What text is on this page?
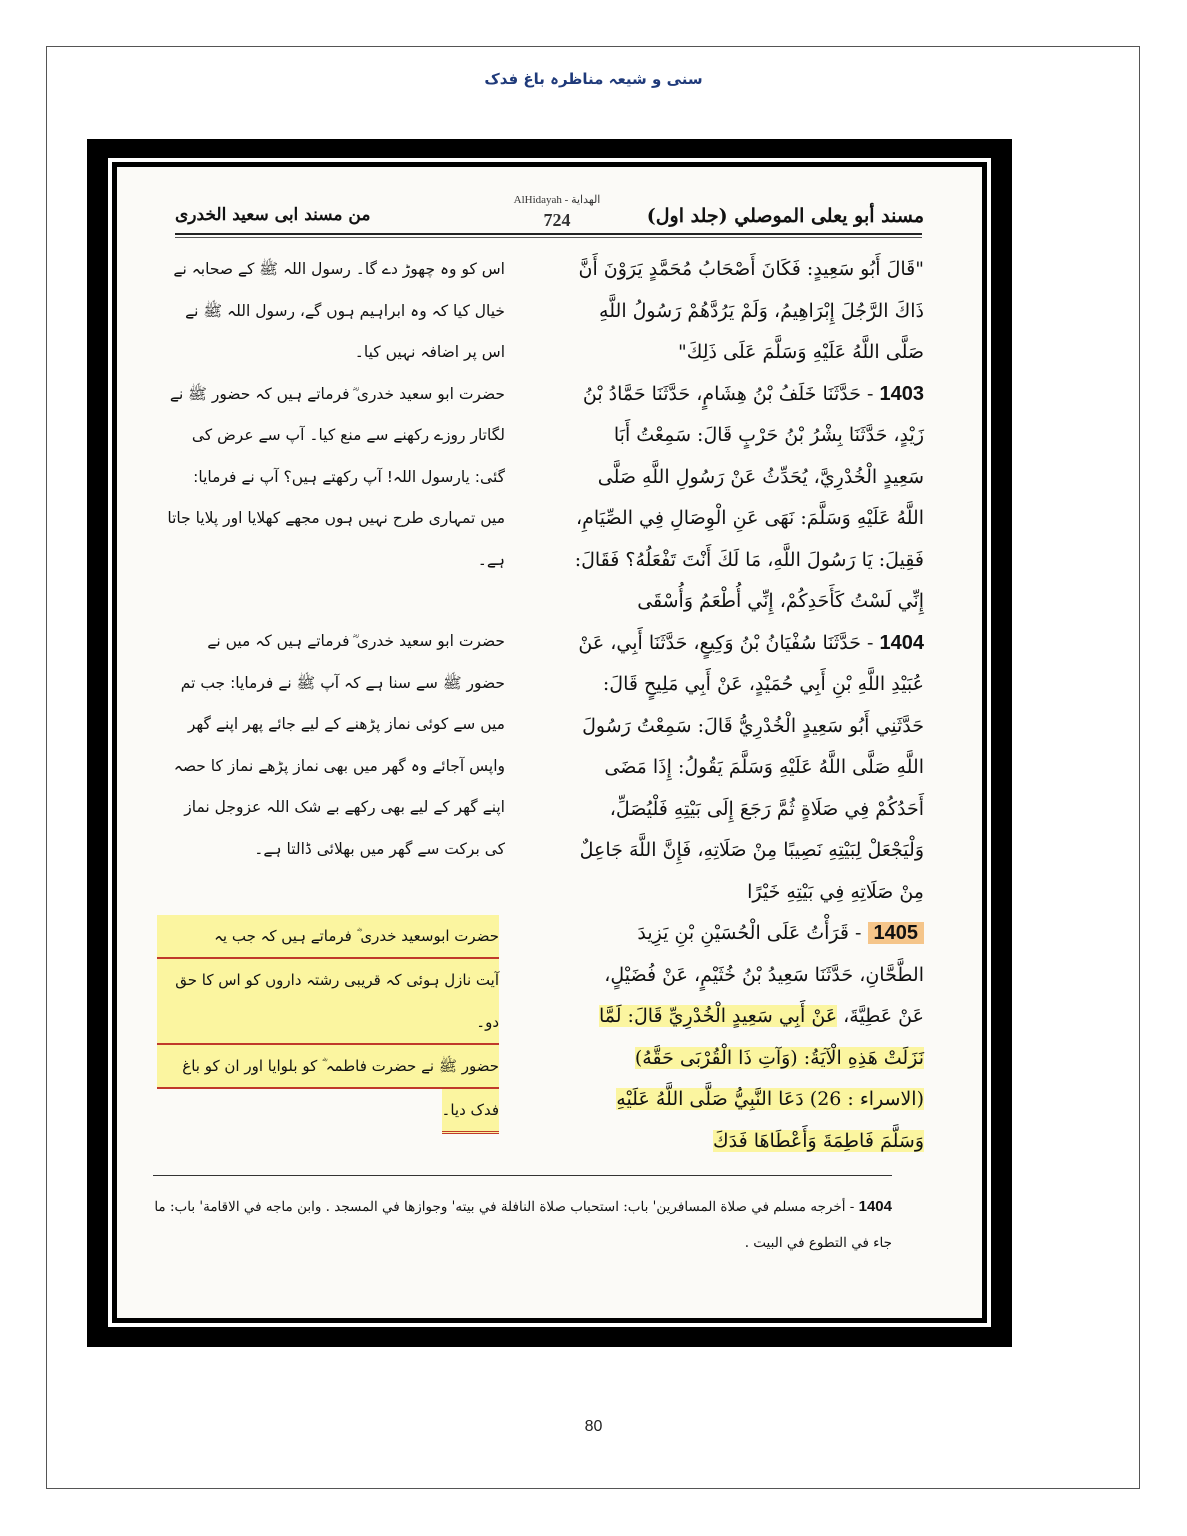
سنی و شیعہ مناظرہ باغ فدک
مسند أبو يعلى الموصلي (جلد اول)
AlHidayah - الهداية
724
من مسند ابی سعید الخدری

"قَالَ أَبُو سَعِيدٍ: فَكَانَ أَصْحَابُ مُحَمَّدٍ يَرَوْنَ أَنَّ ذَاكَ الرَّجُلَ إِبْرَاهِيمُ، وَلَمْ يَرُدَّهُمْ رَسُولُ اللَّهِ صَلَّى اللَّهُ عَلَيْهِ وَسَلَّمَ عَلَى ذَلِكَ"

1403 - حَدَّثَنَا خَلَفُ بْنُ هِشَامٍ، حَدَّثَنَا حَمَّادُ بْنُ زَيْدٍ، حَدَّثَنَا بِشْرُ بْنُ حَرْبٍ قَالَ: سَمِعْتُ أَبَا سَعِيدٍ الْخُدْرِيَّ، يُحَدِّثُ عَنْ رَسُولِ اللَّهِ صَلَّى اللَّهُ عَلَيْهِ وَسَلَّمَ: نَهَى عَنِ الْوِصَالِ فِي الصِّيَامِ، فَقِيلَ: يَا رَسُولَ اللَّهِ، مَا لَكَ أَنْتَ تَفْعَلُهُ؟ فَقَالَ: إِنِّي لَسْتُ كَأَحَدِكُمْ، إِنِّي أُطْعَمُ وَأُسْقَى

1404 - حَدَّثَنَا سُفْيَانُ بْنُ وَكِيعٍ، حَدَّثَنَا أَبِي، عَنْ عُبَيْدِ اللَّهِ بْنِ أَبِي حُمَيْدٍ، عَنْ أَبِي مَلِيحٍ قَالَ: حَدَّثَنِي أَبُو سَعِيدٍ الْخُدْرِيُّ قَالَ: سَمِعْتُ رَسُولَ اللَّهِ صَلَّى اللَّهُ عَلَيْهِ وَسَلَّمَ يَقُولُ: إِذَا مَضَى أَحَدُكُمْ فِي صَلَاةٍ ثُمَّ رَجَعَ إِلَى بَيْتِهِ فَلْيُصَلِّ، وَلْيَجْعَلْ لِبَيْتِهِ نَصِيبًا مِنْ صَلَاتِهِ، فَإِنَّ اللَّهَ جَاعِلٌ مِنْ صَلَاتِهِ فِي بَيْتِهِ خَيْرًا

1405 - قَرَأْتُ عَلَى الْحُسَيْنِ بْنِ يَزِيدَ الطَّحَّانِ، حَدَّثَنَا سَعِيدُ بْنُ خُثَيْمٍ، عَنْ فُضَيْلٍ، عَنْ عَطِيَّةَ، عَنْ أَبِي سَعِيدٍ الْخُدْرِيِّ قَالَ: لَمَّا نَزَلَتْ هَذِهِ الْآيَةُ: (وَآتِ ذَا الْقُرْبَى حَقَّهُ) (الاسراء : 26) دَعَا النَّبِيُّ صَلَّى اللَّهُ عَلَيْهِ وَسَلَّمَ فَاطِمَةَ وَأَعْطَاهَا فَدَكَ

اس کو وہ چھوڑ دے گا۔ رسول اللہ ﷺ کے صحابہ نے خیال کیا کہ وہ ابراہیم ہوں گے، رسول اللہ ﷺ نے اس پر اضافہ نہیں کیا۔

حضرت ابو سعید خدری ؓ فرماتے ہیں کہ حضور ﷺ نے لگاتار روزے رکھنے سے منع کیا۔ آپ سے عرض کی گئی: یارسول اللہ! آپ رکھتے ہیں؟ آپ نے فرمایا: میں تمہاری طرح نہیں ہوں مجھے کھلایا اور پلایا جاتا ہے۔

حضرت ابو سعید خدری ؓ فرماتے ہیں کہ میں نے حضور ﷺ سے سنا ہے کہ آپ ﷺ نے فرمایا: جب تم میں سے کوئی نماز پڑھنے کے لیے جائے پھر اپنے گھر واپس آجائے وہ گھر میں بھی نماز پڑھے نماز کا حصہ اپنے گھر کے لیے بھی رکھے بے شک اللہ عزوجل نماز کی برکت سے گھر میں بھلائی ڈالتا ہے۔

حضرت ابوسعید خدری ؓ فرماتے ہیں کہ جب یہ
آیت نازل ہوئی کہ قریبی رشتہ داروں کو اس کا حق دو۔
حضور ﷺ نے حضرت فاطمہ ؓ کو بلوایا اور ان کو باغ
فدک دیا۔
1404 - أخرجه مسلم في صلاة المسافرين' باب: استحباب صلاة النافلة في بيته' وجوازها في المسجد . وابن ماجه في الاقامة' باب: ما جاء في التطوع في البيت .
80
